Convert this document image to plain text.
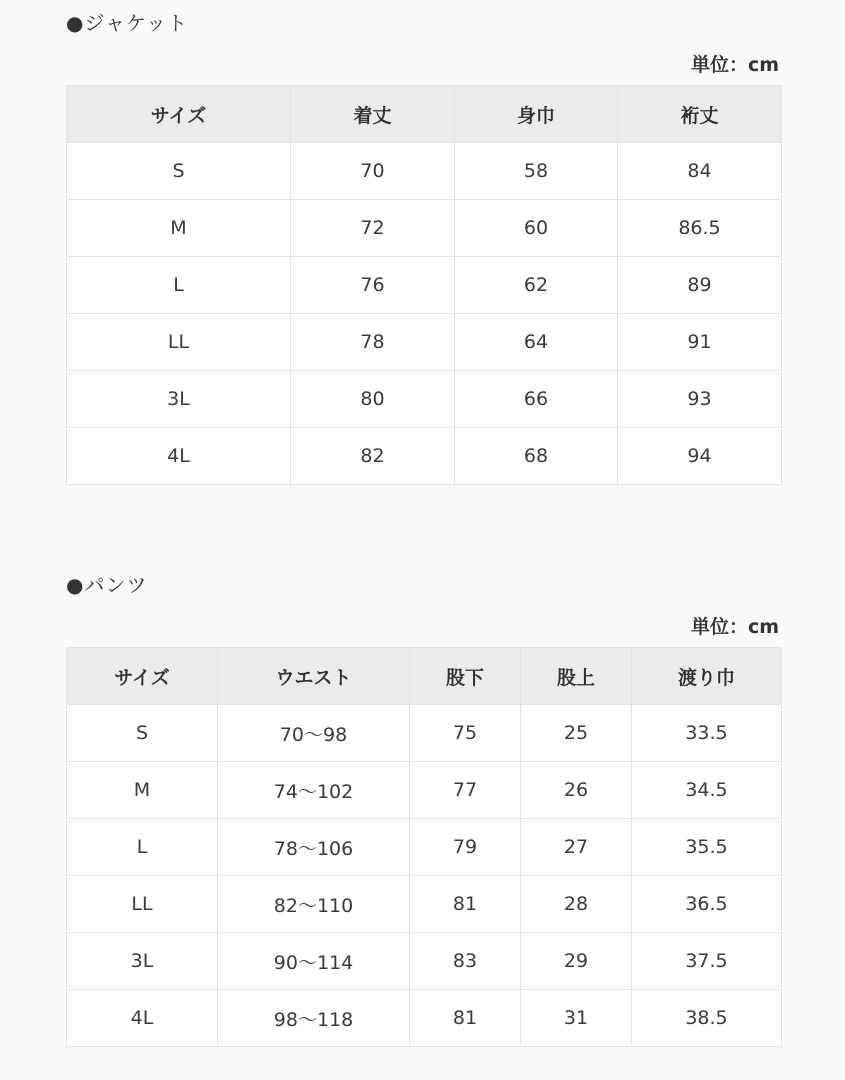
●ジャケット
単位：cm
サイズ	着丈	身巾	裄丈
S	70	58	84
M	72	60	86.5
L	76	62	89
LL	78	64	91
3L	80	66	93
4L	82	68	94
●パンツ
単位：cm
サイズ	ウエスト	股下	股上	渡り巾
S	70～98	75	25	33.5
M	74～102	77	26	34.5
L	78～106	79	27	35.5
LL	82～110	81	28	36.5
3L	90～114	83	29	37.5
4L	98～118	81	31	38.5
